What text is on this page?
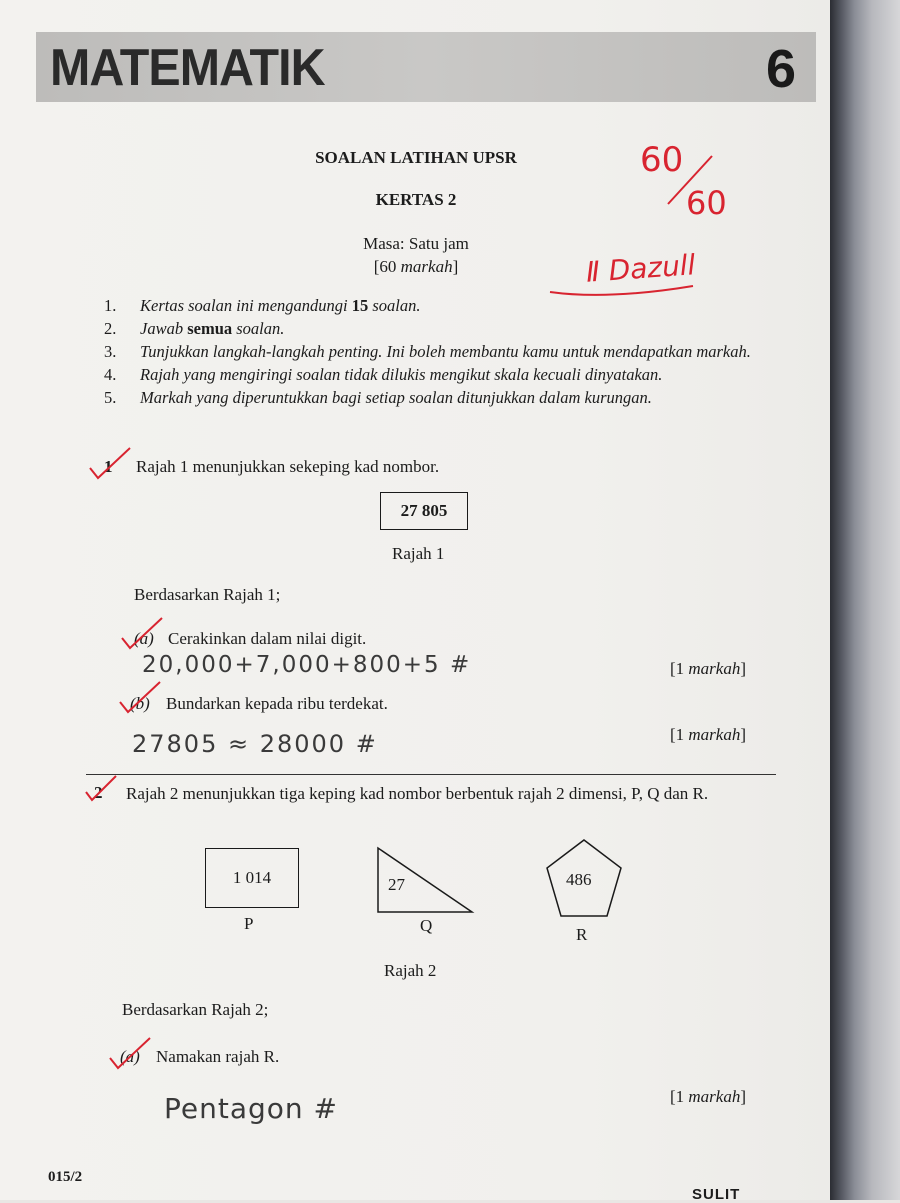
MATEMATIK	6
SOALAN LATIHAN UPSR
KERTAS 2
Masa: Satu jam
[60 markah]
60
60
Ⅱ Dazull
1. Kertas soalan ini mengandungi 15 soalan.
2. Jawab semua soalan.
3. Tunjukkan langkah-langkah penting. Ini boleh membantu kamu untuk mendapatkan markah.
4. Rajah yang mengiringi soalan tidak dilukis mengikut skala kecuali dinyatakan.
5. Markah yang diperuntukkan bagi setiap soalan ditunjukkan dalam kurungan.
1 Rajah 1 menunjukkan sekeping kad nombor.
27 805
Rajah 1
Berdasarkan Rajah 1;
(a) Cerakinkan dalam nilai digit.
20,000+7,000+800+5 #	[1 markah]
(b) Bundarkan kepada ribu terdekat.
27805 ≈ 28000 #	[1 markah]
2 Rajah 2 menunjukkan tiga keping kad nombor berbentuk rajah 2 dimensi, P, Q dan R.
1 014
P
27
Q
486
R
Rajah 2
Berdasarkan Rajah 2;
(a) Namakan rajah R.
Pentagon #	[1 markah]
015/2
SULIT
